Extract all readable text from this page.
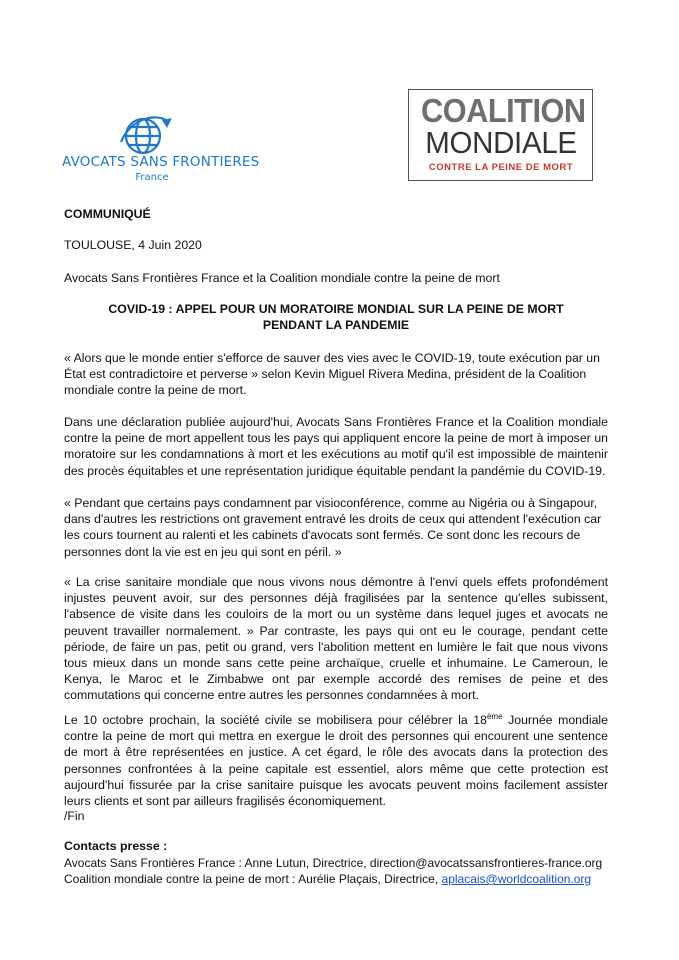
AVOCATS SANS FRONTIERES
France
COALITION
MONDIALE
CONTRE LA PEINE DE MORT
COMMUNIQUÉ
TOULOUSE, 4 Juin 2020
Avocats Sans Frontières France et la Coalition mondiale contre la peine de mort
COVID-19 : APPEL POUR UN MORATOIRE MONDIAL SUR LA PEINE DE MORT
PENDANT LA PANDEMIE
« Alors que le monde entier s'efforce de sauver des vies avec le COVID-19, toute exécution par un État est contradictoire et perverse » selon Kevin Miguel Rivera Medina, président de la Coalition mondiale contre la peine de mort.
Dans une déclaration publiée aujourd'hui, Avocats Sans Frontières France et la Coalition mondiale contre la peine de mort appellent tous les pays qui appliquent encore la peine de mort à imposer un moratoire sur les condamnations à mort et les exécutions au motif qu'il est impossible de maintenir des procès équitables et une représentation juridique équitable pendant la pandémie du COVID-19.
« Pendant que certains pays condamnent par visioconférence, comme au Nigéria ou à Singapour, dans d'autres les restrictions ont gravement entravé les droits de ceux qui attendent l'exécution car les cours tournent au ralenti et les cabinets d'avocats sont fermés. Ce sont donc les recours de personnes dont la vie est en jeu qui sont en péril. »
« La crise sanitaire mondiale que nous vivons nous démontre à l'envi quels effets profondément injustes peuvent avoir, sur des personnes déjà fragilisées par la sentence qu'elles subissent, l'absence de visite dans les couloirs de la mort ou un système dans lequel juges et avocats ne peuvent travailler normalement. » Par contraste, les pays qui ont eu le courage, pendant cette période, de faire un pas, petit ou grand, vers l'abolition mettent en lumière le fait que nous vivons tous mieux dans un monde sans cette peine archaïque, cruelle et inhumaine. Le Cameroun, le Kenya, le Maroc et le Zimbabwe ont par exemple accordé des remises de peine et des commutations qui concerne entre autres les personnes condamnées à mort.
Le 10 octobre prochain, la société civile se mobilisera pour célébrer la 18ème Journée mondiale contre la peine de mort qui mettra en exergue le droit des personnes qui encourent une sentence de mort à être représentées en justice. A cet égard, le rôle des avocats dans la protection des personnes confrontées à la peine capitale est essentiel, alors même que cette protection est aujourd'hui fissurée par la crise sanitaire puisque les avocats peuvent moins facilement assister leurs clients et sont par ailleurs fragilisés économiquement.
/Fin
Contacts presse :
Avocats Sans Frontières France : Anne Lutun, Directrice, direction@avocatssansfrontieres-france.org
Coalition mondiale contre la peine de mort : Aurélie Plaçais, Directrice, aplacais@worldcoalition.org
